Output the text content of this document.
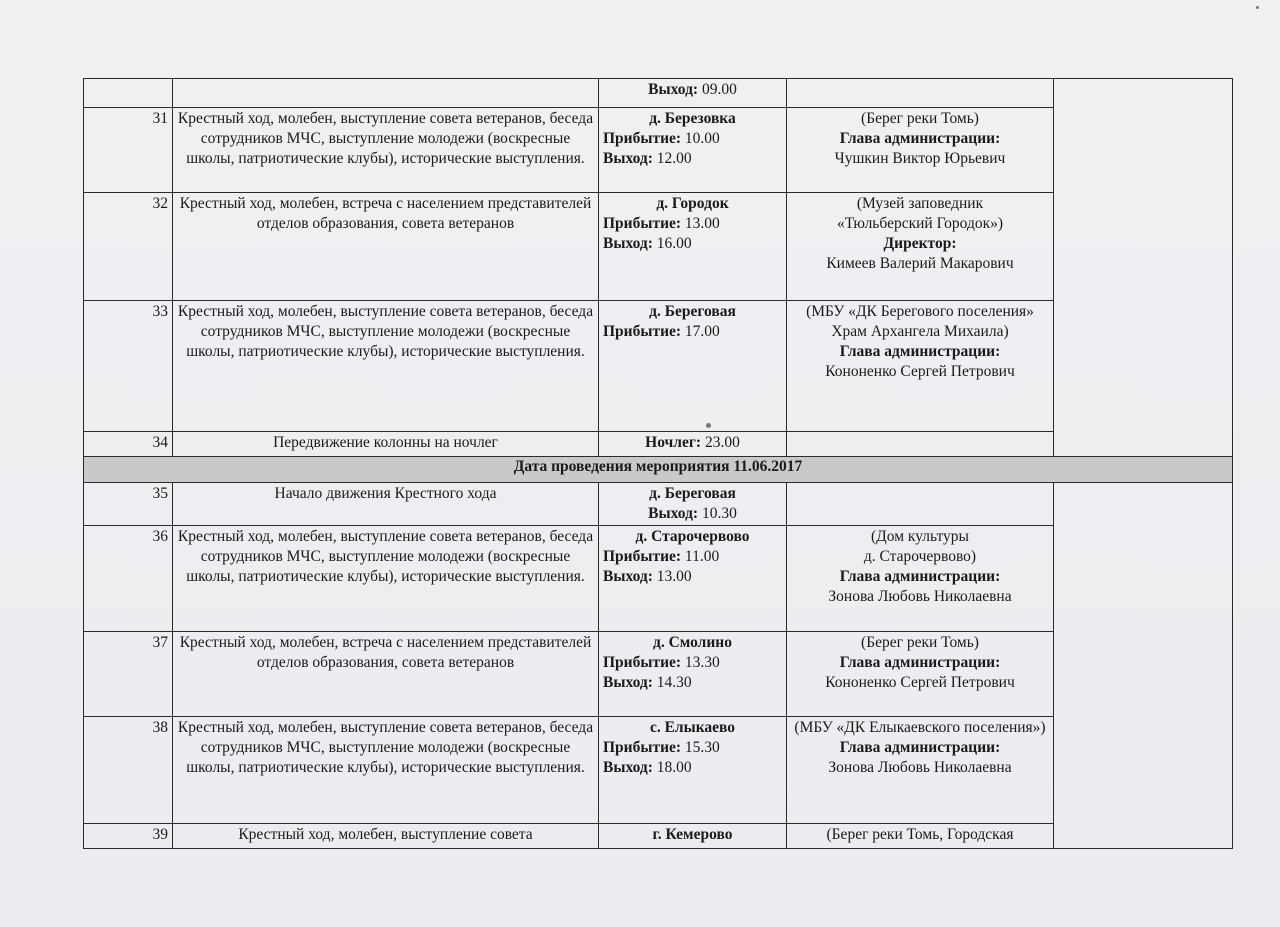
		Выход: 09.00		

31	Крестный ход, молебен, выступление совета ветеранов, беседа сотрудников МЧС, выступление молодежи (воскресные школы, патриотические клубы), исторические выступления.	д. Березовка
Прибытие: 10.00
Выход: 12.00	(Берег реки Томь)
Глава администрации:
Чушкин Виктор Юрьевич	

32	Крестный ход, молебен, встреча с населением представителей отделов образования, совета ветеранов	д. Городок
Прибытие: 13.00
Выход: 16.00	(Музей заповедник
«Тюльберский Городок»)
Директор:
Кимеев Валерий Макарович	

33	Крестный ход, молебен, выступление совета ветеранов, беседа сотрудников МЧС, выступление молодежи (воскресные школы, патриотические клубы), исторические выступления.	д. Береговая
Прибытие: 17.00	(МБУ «ДК Берегового поселения»
Храм Архангела Михаила)
Глава администрации:
Кононенко Сергей Петрович	

34	Передвижение колонны на ночлег	Ночлег: 23.00		
Дата проведения мероприятия 11.06.2017				
35	Начало движения Крестного хода	д. Береговая
Выход: 10.30		

36	Крестный ход, молебен, выступление совета ветеранов, беседа сотрудников МЧС, выступление молодежи (воскресные школы, патриотические клубы), исторические выступления.	д. Старочервово
Прибытие: 11.00
Выход: 13.00	(Дом культуры
д. Старочервово)
Глава администрации:
Зонова Любовь Николаевна	

37	Крестный ход, молебен, встреча с населением представителей отделов образования, совета ветеранов	д. Смолино
Прибытие: 13.30
Выход: 14.30	(Берег реки Томь)
Глава администрации:
Кононенко Сергей Петрович	

38	Крестный ход, молебен, выступление совета ветеранов, беседа сотрудников МЧС, выступление молодежи (воскресные школы, патриотические клубы), исторические выступления.	с. Елыкаево
Прибытие: 15.30
Выход: 18.00	(МБУ «ДК Елыкаевского поселения»)
Глава администрации:
Зонова Любовь Николаевна	

39	Крестный ход, молебен, выступление совета	г. Кемерово	(Берег реки Томь, Городская	
